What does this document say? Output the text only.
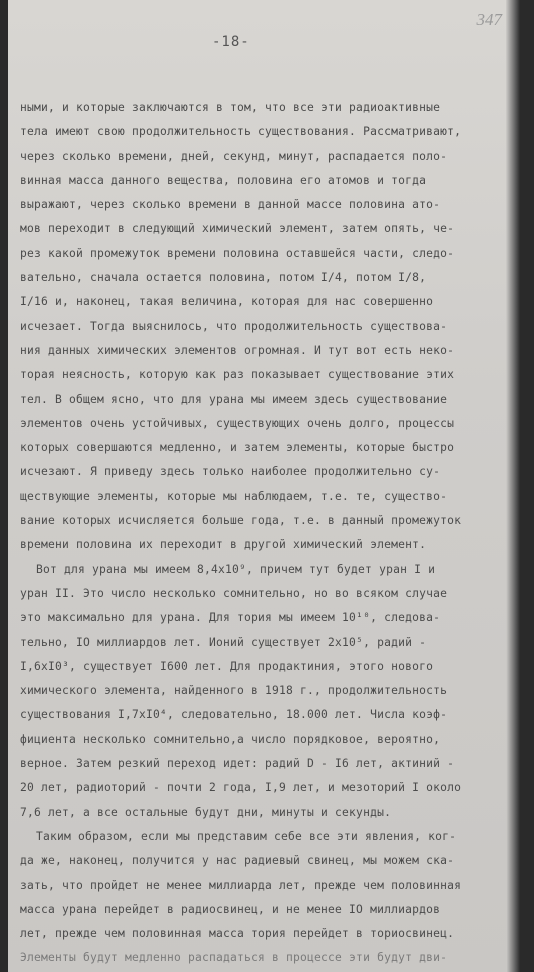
347
-18-
ными, и которые заключаются в том, что все эти радиоактивные
тела имеют свою продолжительность существования. Рассматривают,
через сколько времени, дней, секунд, минут, распадается поло-
винная масса данного вещества, половина его атомов и тогда
выражают, через сколько времени в данной массе половина ато-
мов переходит в следующий химический элемент, затем опять, че-
рез какой промежуток времени половина оставшейся части, следо-
вательно, сначала остается половина, потом I/4, потом I/8,
I/16 и, наконец, такая величина, которая для нас совершенно
исчезает. Тогда выяснилось, что продолжительность существова-
ния данных химических элементов огромная. И тут вот есть неко-
торая неясность, которую как раз показывает существование этих
тел. В общем ясно, что для урана мы имеем здесь существование
элементов очень устойчивых, существующих очень долго, процессы
которых совершаются медленно, и затем элементы, которые быстро
исчезают. Я приведу здесь только наиболее продолжительно су-
ществующие элементы, которые мы наблюдаем, т.е. те, существо-
вание которых исчисляется больше года, т.е. в данный промежуток
времени половина их переходит в другой химический элемент.
Вот для урана мы имеем 8,4x10⁹, причем тут будет уран I и
уран II. Это число несколько сомнительно, но во всяком случае
это максимально для урана. Для тория мы имеем 10¹⁰, следова-
тельно, IO миллиардов лет. Ионий существует 2x10⁵, радий -
I,6xI0³, существует I600 лет. Для продактиния, этого нового
химического элемента, найденного в 1918 г., продолжительность
существования I,7xI0⁴, следовательно, 18.000 лет. Числа коэф-
фициента несколько сомнительно,а число порядковое, вероятно,
верное. Затем резкий переход идет: радий D - I6 лет, актиний -
20 лет, радиоторий - почти 2 года, I,9 лет, и мезоторий I около
7,6 лет, а все остальные будут дни, минуты и секунды.
Таким образом, если мы представим себе все эти явления, ког-
да же, наконец, получится у нас радиевый свинец, мы можем ска-
зать, что пройдет не менее миллиарда лет, прежде чем половинная
масса урана перейдет в радиосвинец, и не менее IO миллиардов
лет, прежде чем половинная масса тория перейдет в ториосвинец.
Элементы будут медленно распадаться в процессе эти будут дви-
